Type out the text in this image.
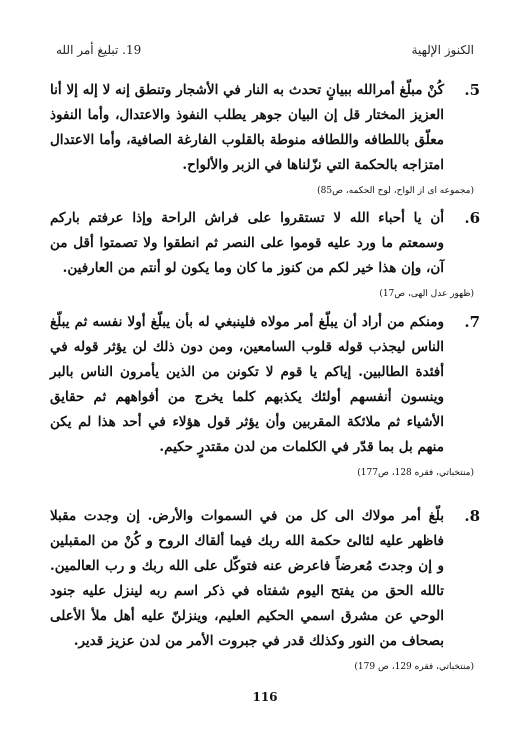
الكنوز الإلهية
19. تبليغ أمر الله
5.
كُنْ مبلّغ أمرالله ببيانٍ تحدث به النار في الأشجار وتنطق إنه لا إله إلا أنا العزيز المختار قل إن البيان جوهر يطلب النفوذ والاعتدال، وأما النفوذ معلّق باللطافه واللطافه منوطة بالقلوب الفارغة الصافية، وأما الاعتدال امتزاجه بالحكمة التي نزّلناها في الزبر والألواح.
(مجموعه ای از الواح، لوح الحكمه، ص85)
6.
أن يا أحباء الله لا تستقروا على فراش الراحة وإذا عرفتم باركم وسمعتم ما ورد عليه قوموا على النصر ثم انطقوا ولا تصمتوا أقل من آن، وإن هذا خير لكم من كنوز ما كان وما يكون لو أنتم من العارفين.
(ظهور عدل الهى، ص17)
7.
ومنكم من أراد أن يبلّغ أمر مولاه فلينبغي له بأن يبلّغ أولا نفسه ثم يبلّغ الناس ليجذب قوله قلوب السامعين، ومن دون ذلك لن يؤثر قوله في أفئدة الطالبين. إياكم يا قوم لا تكونن من الذين يأمرون الناس بالبر وينسون أنفسهم أولئك يكذبهم كلما يخرج من أفواههم ثم حقايق الأشياء ثم ملائكة المقربين وأن يؤثر قول هؤلاء في أحد هذا لم يكن منهم بل بما قدّر في الكلمات من لدن مقتدرٍ حكيم.
(منتخباتي، فقره 128، ص177)
8.
بلّغ أمر مولاك الى كل من في السموات والأرض. إن وجدت مقبلا فاظهر عليه لئالئ حكمة الله ربك فيما ألقاك الروح و كُنْ من المقبلين و إن وجدتَ مُعرضاً فاعرض عنه فتوكّل على الله ربك و رب العالمين. تالله الحق من يفتح اليوم شفتاه في ذكر اسم ربه لينزل عليه جنود الوحي عن مشرق اسمي الحكيم العليم، وينزلنّ عليه أهل ملأ الأعلى بصحاف من النور وكذلك قدر في جبروت الأمر من لدن عزيز قدير.
(منتخباتي، فقره 129، ص 179)
116
